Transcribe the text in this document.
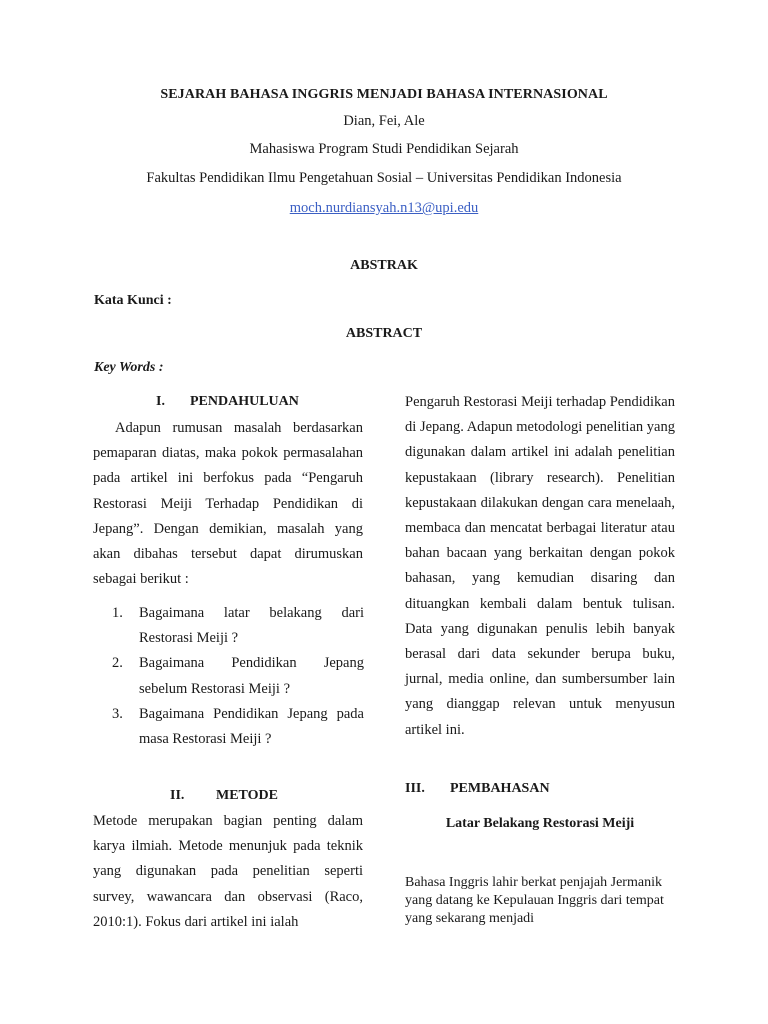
SEJARAH BAHASA INGGRIS MENJADI BAHASA INTERNASIONAL
Dian, Fei, Ale
Mahasiswa Program Studi Pendidikan Sejarah
Fakultas Pendidikan Ilmu Pengetahuan Sosial – Universitas Pendidikan Indonesia
moch.nurdiansyah.n13@upi.edu
ABSTRAK
Kata Kunci :
ABSTRACT
Key Words :
I. PENDAHULUAN
Adapun rumusan masalah berdasarkan pemaparan diatas, maka pokok permasalahan pada artikel ini berfokus pada “Pengaruh Restorasi Meiji Terhadap Pendidikan di Jepang”. Dengan demikian, masalah yang akan dibahas tersebut dapat dirumuskan sebagai berikut :
1. Bagaimana latar belakang dari Restorasi Meiji ?
2. Bagaimana Pendidikan Jepang sebelum Restorasi Meiji ?
3. Bagaimana Pendidikan Jepang pada masa Restorasi Meiji ?
II. METODE
Metode merupakan bagian penting dalam karya ilmiah. Metode menunjuk pada teknik yang digunakan pada penelitian seperti survey, wawancara dan observasi (Raco, 2010:1). Fokus dari artikel ini ialah
Pengaruh Restorasi Meiji terhadap Pendidikan di Jepang. Adapun metodologi penelitian yang digunakan dalam artikel ini adalah penelitian kepustakaan (library research). Penelitian kepustakaan dilakukan dengan cara menelaah, membaca dan mencatat berbagai literatur atau bahan bacaan yang berkaitan dengan pokok bahasan, yang kemudian disaring dan dituangkan kembali dalam bentuk tulisan. Data yang digunakan penulis lebih banyak berasal dari data sekunder berupa buku, jurnal, media online, dan sumbersumber lain yang dianggap relevan untuk menyusun artikel ini.
III. PEMBAHASAN
Latar Belakang Restorasi Meiji
Bahasa Inggris lahir berkat penjajah Jermanik yang datang ke Kepulauan Inggris dari tempat yang sekarang menjadi
